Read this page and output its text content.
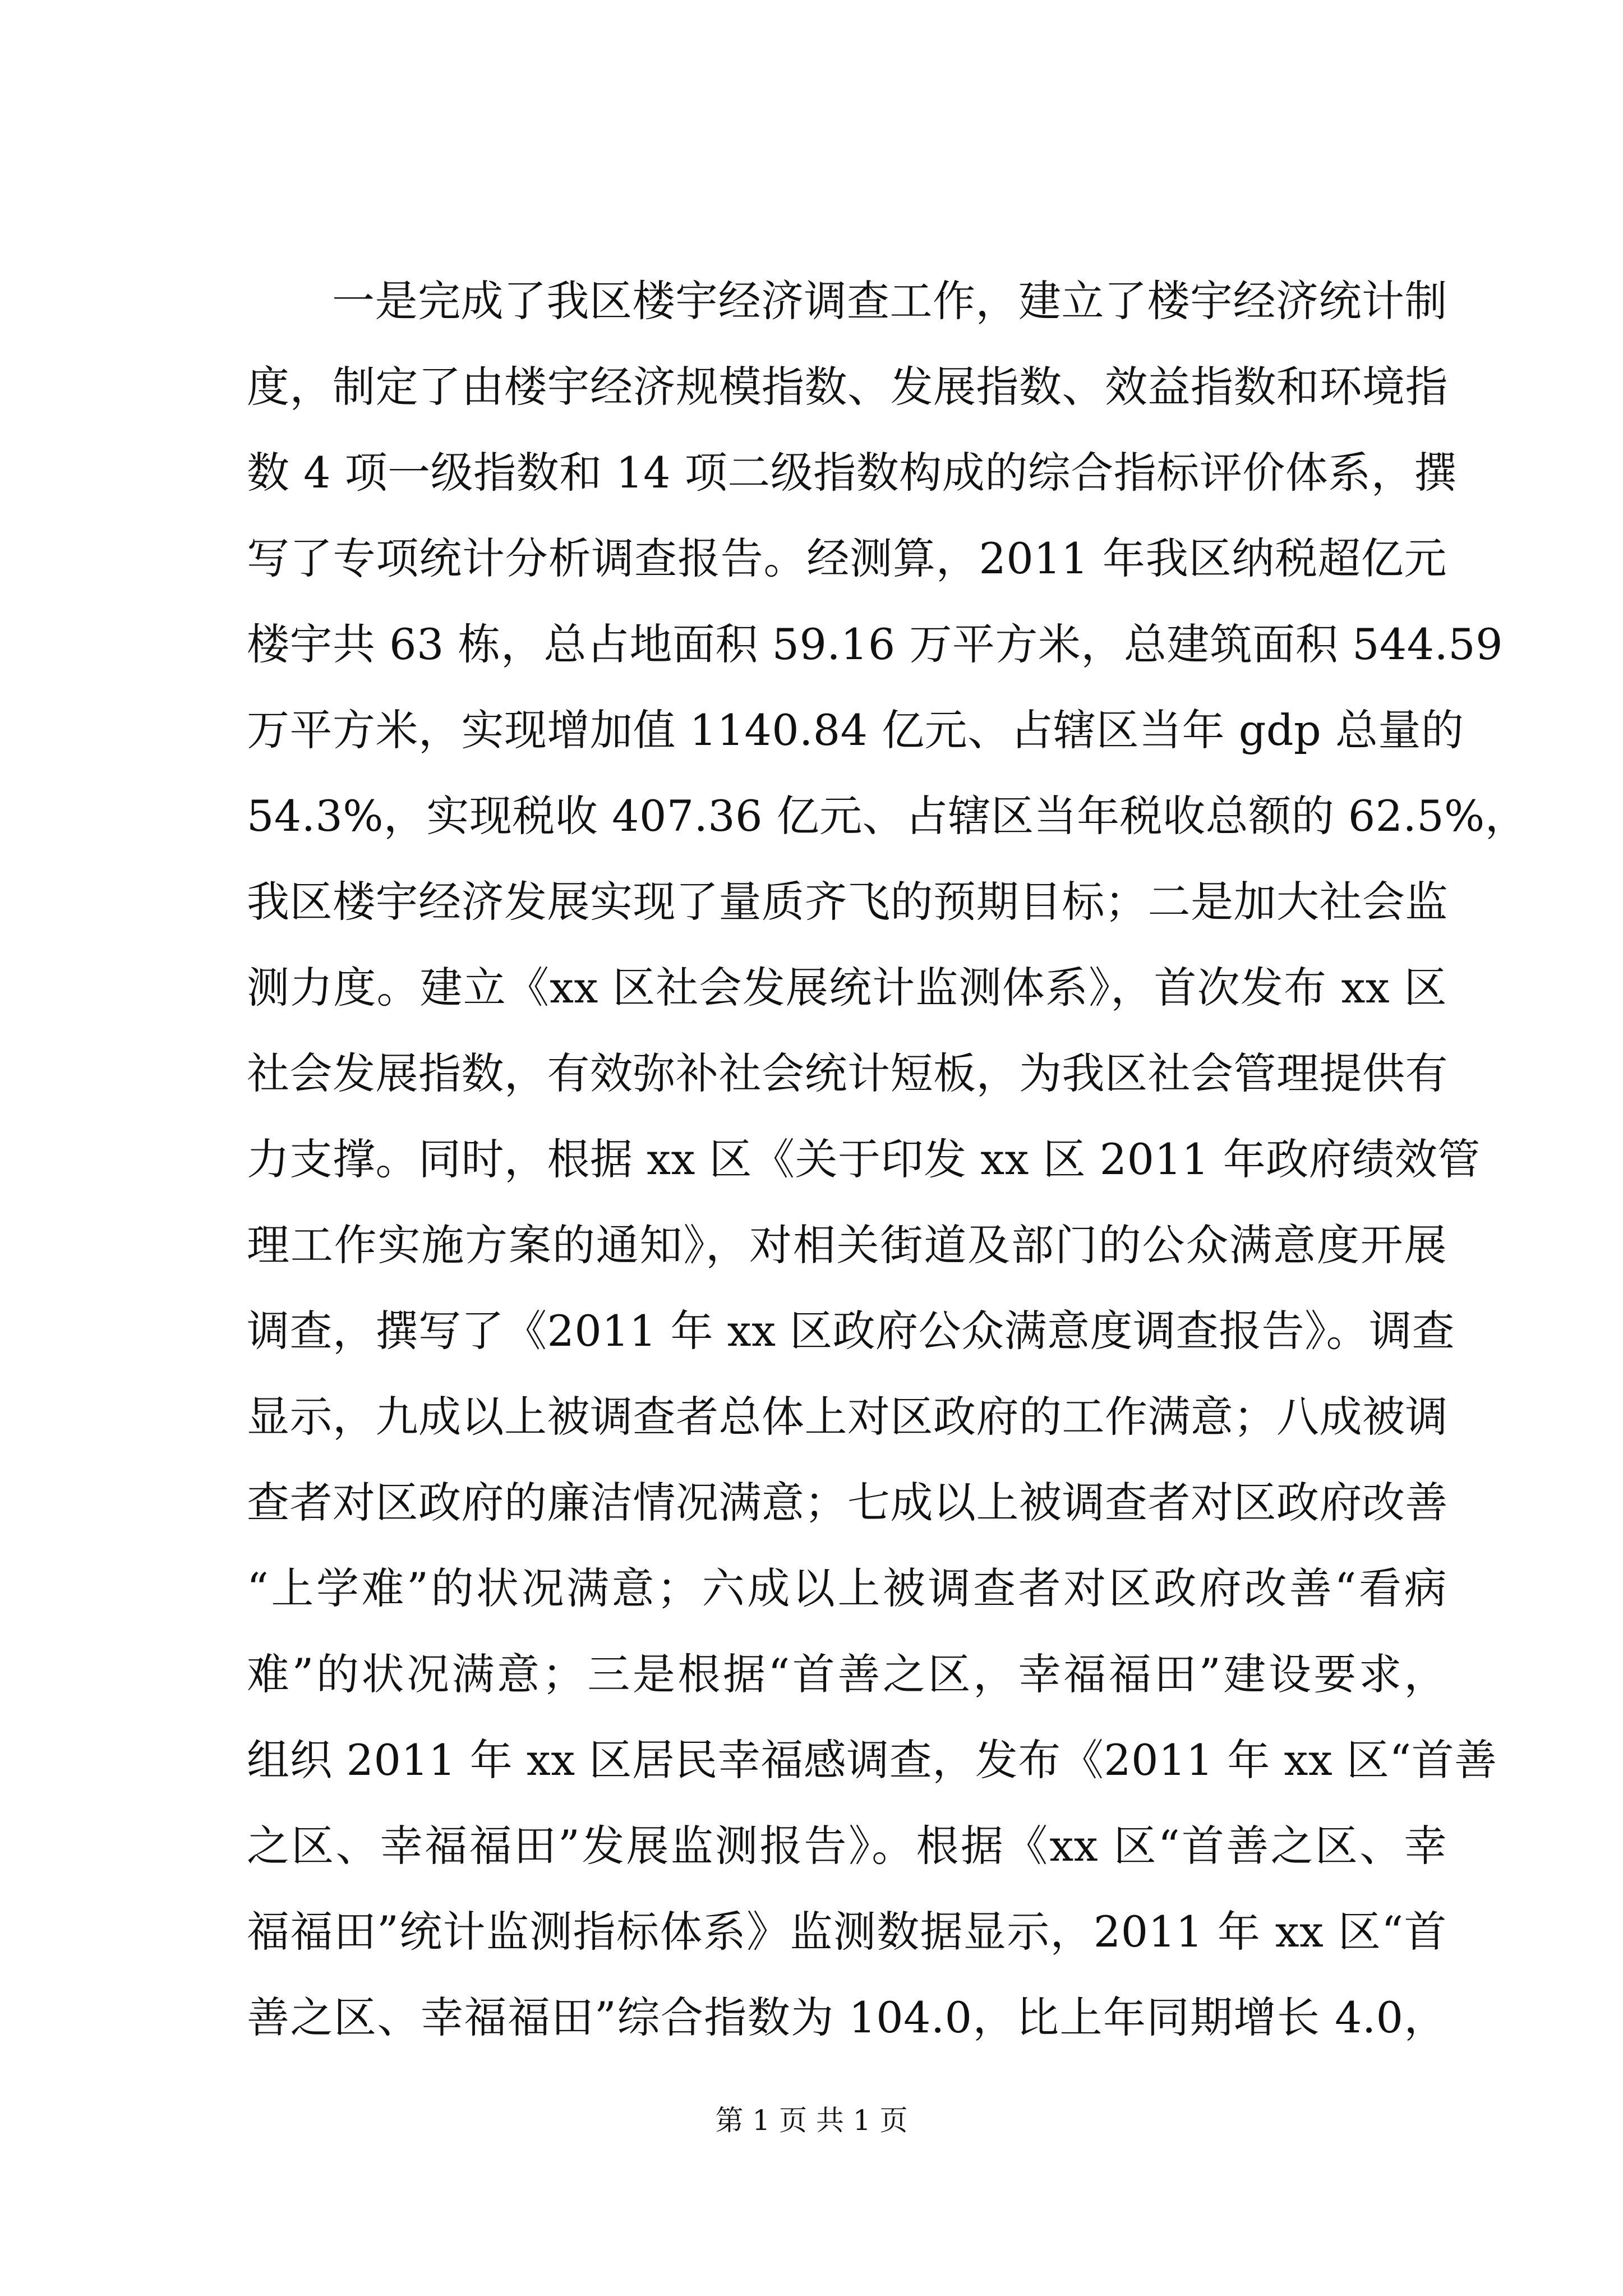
一是完成了我区楼宇经济调查工作，建立了楼宇经济统计制
度，制定了由楼宇经济规模指数、发展指数、效益指数和环境指
数 4 项一级指数和 14 项二级指数构成的综合指标评价体系，撰
写了专项统计分析调查报告。经测算，2011 年我区纳税超亿元
楼宇共 63 栋，总占地面积 59.16 万平方米，总建筑面积 544.59
万平方米，实现增加值 1140.84 亿元、占辖区当年 gdp 总量的
54.3%，实现税收 407.36 亿元、占辖区当年税收总额的 62.5%，
我区楼宇经济发展实现了量质齐飞的预期目标；二是加大社会监
测力度。建立《xx 区社会发展统计监测体系》，首次发布 xx 区
社会发展指数，有效弥补社会统计短板，为我区社会管理提供有
力支撑。同时，根据 xx 区《关于印发 xx 区 2011 年政府绩效管
理工作实施方案的通知》，对相关街道及部门的公众满意度开展
调查，撰写了《2011 年 xx 区政府公众满意度调查报告》。调查
显示，九成以上被调查者总体上对区政府的工作满意；八成被调
查者对区政府的廉洁情况满意；七成以上被调查者对区政府改善
“上学难”的状况满意；六成以上被调查者对区政府改善“看病
难”的状况满意；三是根据“首善之区，幸福福田”建设要求，
组织 2011 年 xx 区居民幸福感调查，发布《2011 年 xx 区“首善
之区、幸福福田”发展监测报告》。根据《xx 区“首善之区、幸
福福田”统计监测指标体系》监测数据显示，2011 年 xx 区“首
善之区、幸福福田”综合指数为 104.0，比上年同期增长 4.0，
第 1 页 共 1 页
